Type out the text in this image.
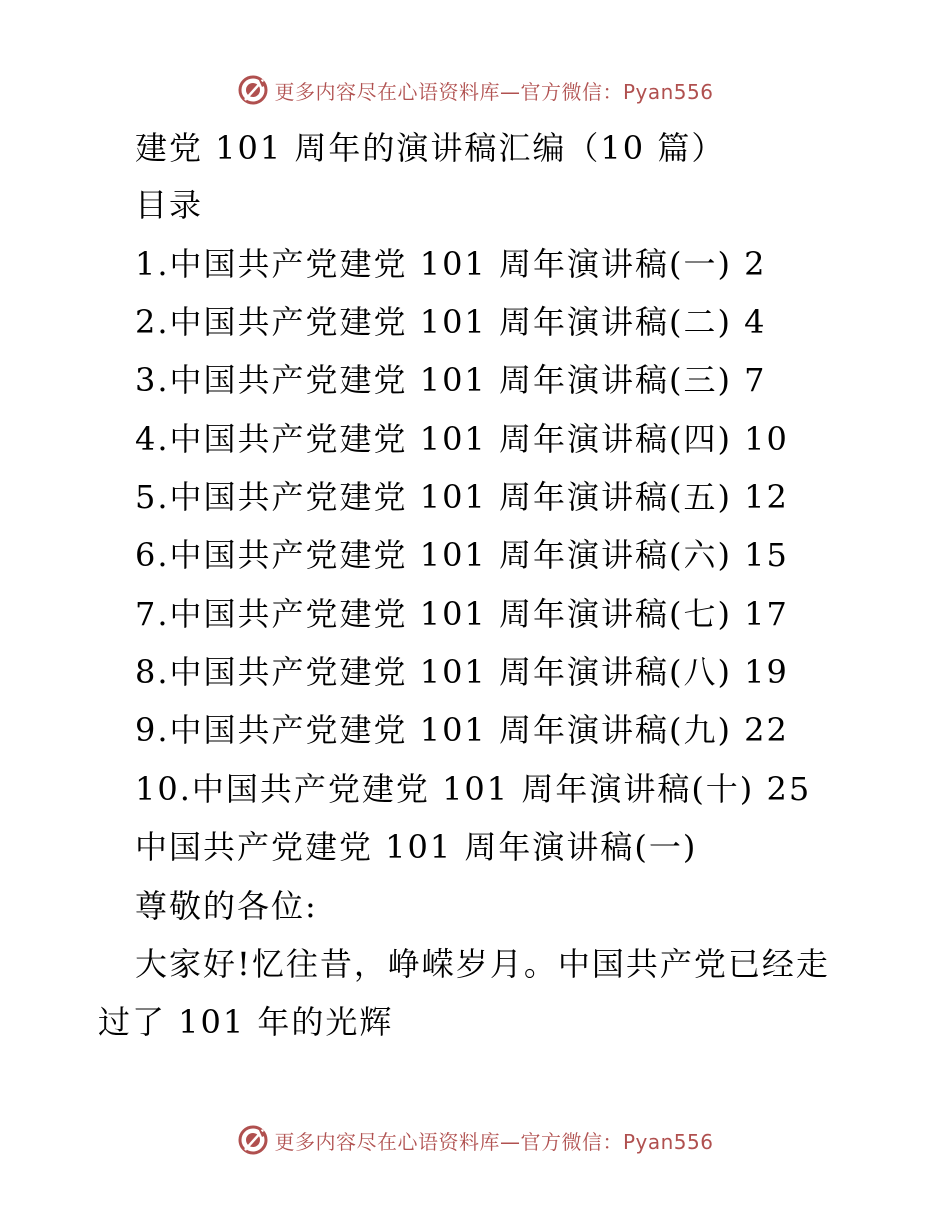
更多内容尽在心语资料库—官方微信：Pyan556
建党 101 周年的演讲稿汇编（10 篇）
目录
1.中国共产党建党 101 周年演讲稿(一) 2
2.中国共产党建党 101 周年演讲稿(二) 4
3.中国共产党建党 101 周年演讲稿(三) 7
4.中国共产党建党 101 周年演讲稿(四) 10
5.中国共产党建党 101 周年演讲稿(五) 12
6.中国共产党建党 101 周年演讲稿(六) 15
7.中国共产党建党 101 周年演讲稿(七) 17
8.中国共产党建党 101 周年演讲稿(八) 19
9.中国共产党建党 101 周年演讲稿(九) 22
10.中国共产党建党 101 周年演讲稿(十) 25
中国共产党建党 101 周年演讲稿(一)
尊敬的各位:
大家好!忆往昔，峥嵘岁月。中国共产党已经走
过了 101 年的光辉
更多内容尽在心语资料库—官方微信：Pyan556
